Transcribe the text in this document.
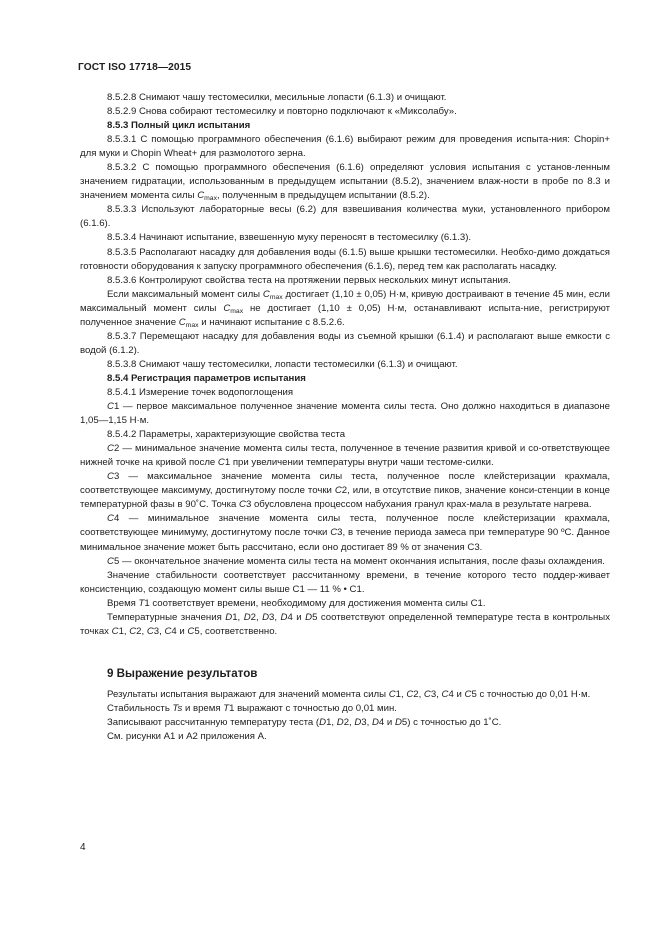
ГОСТ ISO 17718—2015

8.5.2.8 Снимают чашу тестомесилки, месильные лопасти (6.1.3) и очищают.

8.5.2.9 Снова собирают тестомесилку и повторно подключают к «Миксолабу».

8.5.3 Полный цикл испытания

8.5.3.1 С помощью программного обеспечения (6.1.6) выбирают режим для проведения испыта-ния: Chopin+ для муки и Chopin Wheat+ для размолотого зерна.

8.5.3.2 С помощью программного обеспечения (6.1.6) определяют условия испытания с установ-ленным значением гидратации, использованным в предыдущем испытании (8.5.2), значением влаж-ности в пробе по 8.3 и значением момента силы $C_{max}$, полученным в предыдущем испытании (8.5.2).

8.5.3.3 Используют лабораторные весы (6.2) для взвешивания количества муки, установленного прибором (6.1.6).

8.5.3.4 Начинают испытание, взвешенную муку переносят в тестомесилку (6.1.3).

8.5.3.5 Располагают насадку для добавления воды (6.1.5) выше крышки тестомесилки. Необхо-димо дождаться готовности оборудования к запуску программного обеспечения (6.1.6), перед тем как располагать насадку.

8.5.3.6 Контролируют свойства теста на протяжении первых нескольких минут испытания.

Если максимальный момент силы $C_{max}$ достигает (1,10 ± 0,05) Н·м, кривую достраивают в течение 45 мин, если максимальный момент силы $C_{max}$ не достигает (1,10 ± 0,05) Н·м, останавливают испыта-ние, регистрируют полученное значение $C_{max}$ и начинают испытание с 8.5.2.6.

8.5.3.7 Перемещают насадку для добавления воды из съемной крышки (6.1.4) и располагают выше емкости с водой (6.1.2).

8.5.3.8 Снимают чашу тестомесилки, лопасти тестомесилки (6.1.3) и очищают.

8.5.4 Регистрация параметров испытания

8.5.4.1 Измерение точек водопоглощения

C1 — первое максимальное полученное значение момента силы теста. Оно должно находиться в диапазоне 1,05—1,15 Н·м.

8.5.4.2 Параметры, характеризующие свойства теста

C2 — минимальное значение момента силы теста, полученное в течение развития кривой и со-ответствующее нижней точке на кривой после C1 при увеличении температуры внутри чаши тестоме-силки.

C3 — максимальное значение момента силы теста, полученное после клейстеризации крахмала, соответствующее максимуму, достигнутому после точки C2, или, в отсутствие пиков, значение конси-стенции в конце температурной фазы в 90˚С. Точка C3 обусловлена процессом набухания гранул крах-мала в результате нагрева.

C4 — минимальное значение момента силы теста, полученное после клейстеризации крахмала, соответствующее минимуму, достигнутому после точки C3, в течение периода замеса при температуре 90 ºС. Данное минимальное значение может быть рассчитано, если оно достигает 89 % от значения С3.

C5 — окончательное значение момента силы теста на момент окончания испытания, после фазы охлаждения.

Значение стабильности соответствует рассчитанному времени, в течение которого тесто поддер-живает консистенцию, создающую момент силы выше С1 — 11 % • С1.

Время T1 соответствует времени, необходимому для достижения момента силы С1.

Температурные значения D1, D2, D3, D4 и D5 соответствуют определенной температуре теста в контрольных точках C1, C2, C3, C4 и C5, соответственно.

9 Выражение результатов

Результаты испытания выражают для значений момента силы C1, C2, C3, C4 и C5 с точностью до 0,01 Н·м.

Стабильность Ts и время T1 выражают с точностью до 0,01 мин.

Записывают рассчитанную температуру теста (D1, D2, D3, D4 и D5) с точностью до 1˚С.

См. рисунки А1 и А2 приложения А.

4
